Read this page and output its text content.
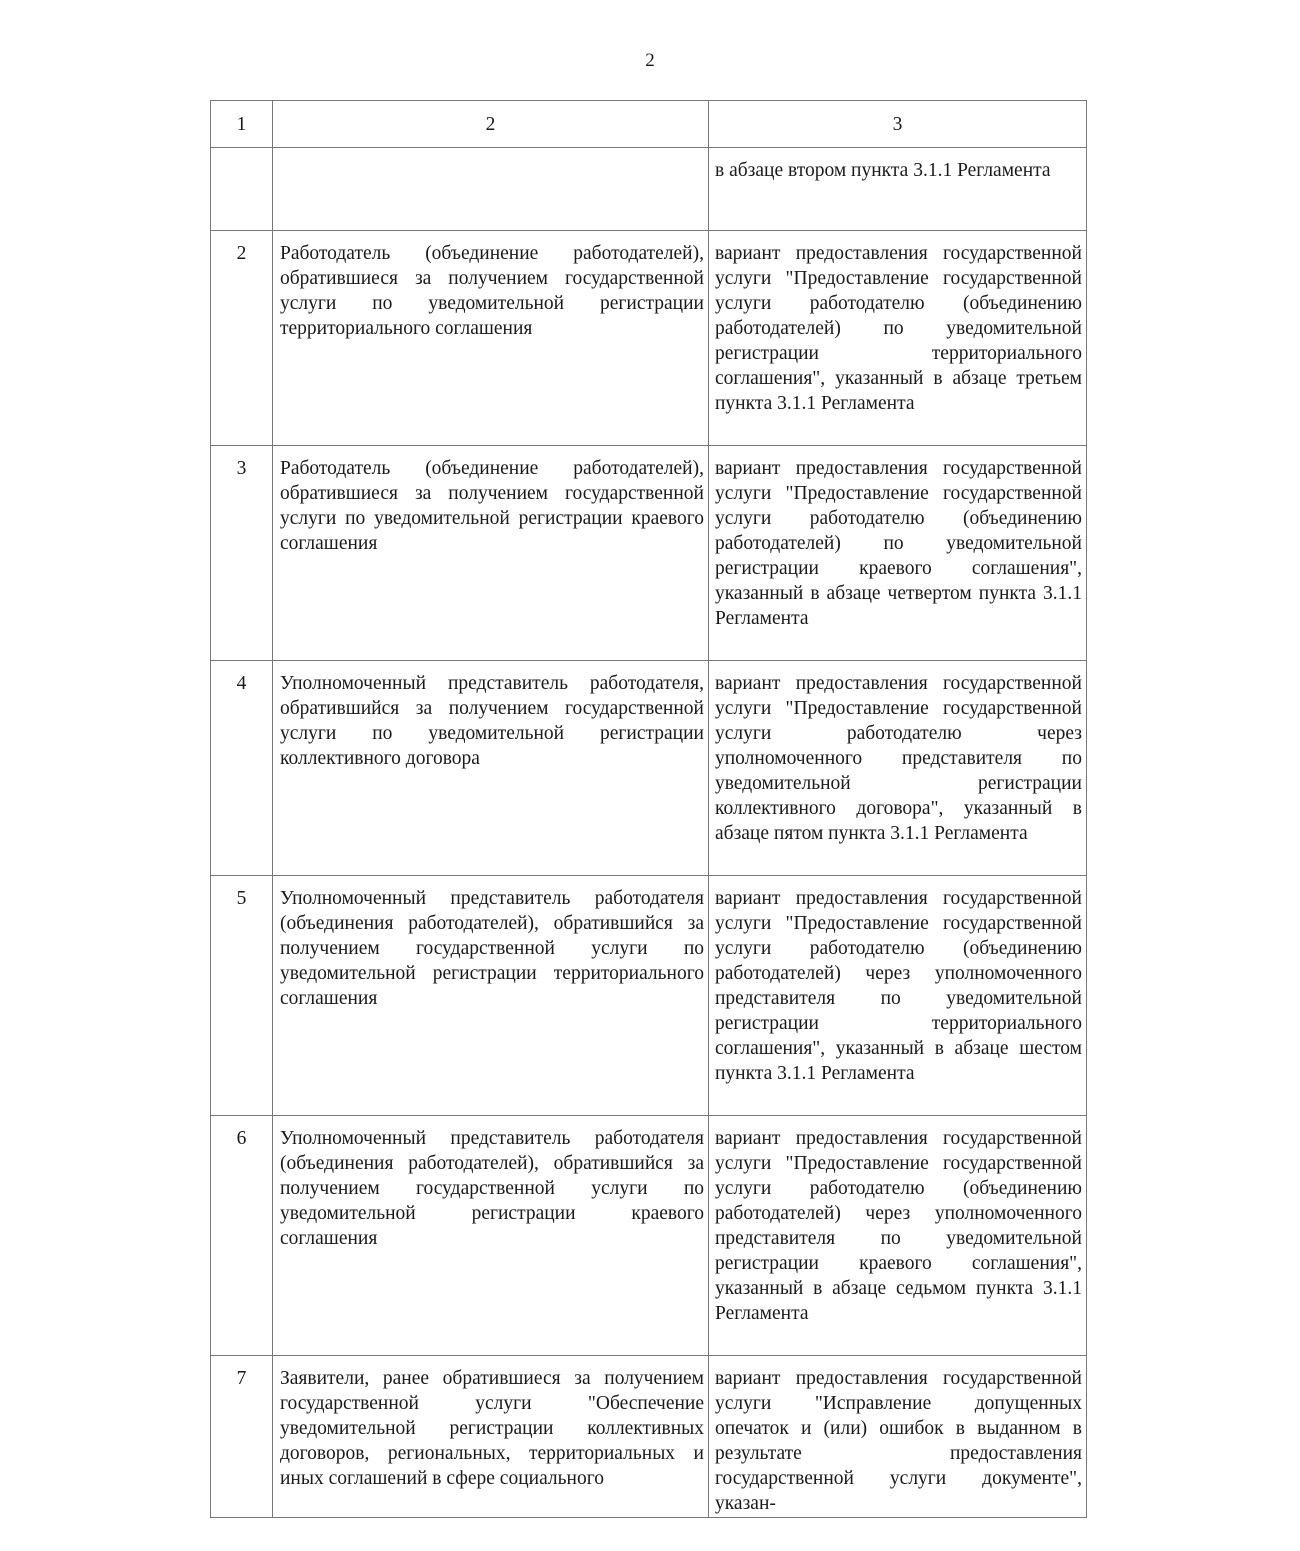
2
1	2	3
		в абзаце втором пункта 3.1.1 Регламента
2	Работодатель (объединение работодателей), обратившиеся за получением государственной услуги по уведомительной регистрации территориального соглашения	вариант предоставления государственной услуги "Предоставление государственной услуги работодателю (объединению работодателей) по уведомительной регистрации территориального соглашения", указанный в абзаце третьем пункта 3.1.1 Регламента
3	Работодатель (объединение работодателей), обратившиеся за получением государственной услуги по уведомительной регистрации краевого соглашения	вариант предоставления государственной услуги "Предоставление государственной услуги работодателю (объединению работодателей) по уведомительной регистрации краевого соглашения", указанный в абзаце четвертом пункта 3.1.1 Регламента
4	Уполномоченный представитель работодателя, обратившийся за получением государственной услуги по уведомительной регистрации коллективного договора	вариант предоставления государственной услуги "Предоставление государственной услуги работодателю через уполномоченного представителя по уведомительной регистрации коллективного договора", указанный в абзаце пятом пункта 3.1.1 Регламента
5	Уполномоченный представитель работодателя (объединения работодателей), обратившийся за получением государственной услуги по уведомительной регистрации территориального соглашения	вариант предоставления государственной услуги "Предоставление государственной услуги работодателю (объединению работодателей) через уполномоченного представителя по уведомительной регистрации территориального соглашения", указанный в абзаце шестом пункта 3.1.1 Регламента
6	Уполномоченный представитель работодателя (объединения работодателей), обратившийся за получением государственной услуги по уведомительной регистрации краевого соглашения	вариант предоставления государственной услуги "Предоставление государственной услуги работодателю (объединению работодателей) через уполномоченного представителя по уведомительной регистрации краевого соглашения", указанный в абзаце седьмом пункта 3.1.1 Регламента
7	Заявители, ранее обратившиеся за получением государственной услуги "Обеспечение уведомительной регистрации коллективных договоров, региональных, территориальных и иных соглашений в сфере социального	вариант предоставления государственной услуги "Исправление допущенных опечаток и (или) ошибок в выданном в результате предоставления государственной услуги документе", указан-
